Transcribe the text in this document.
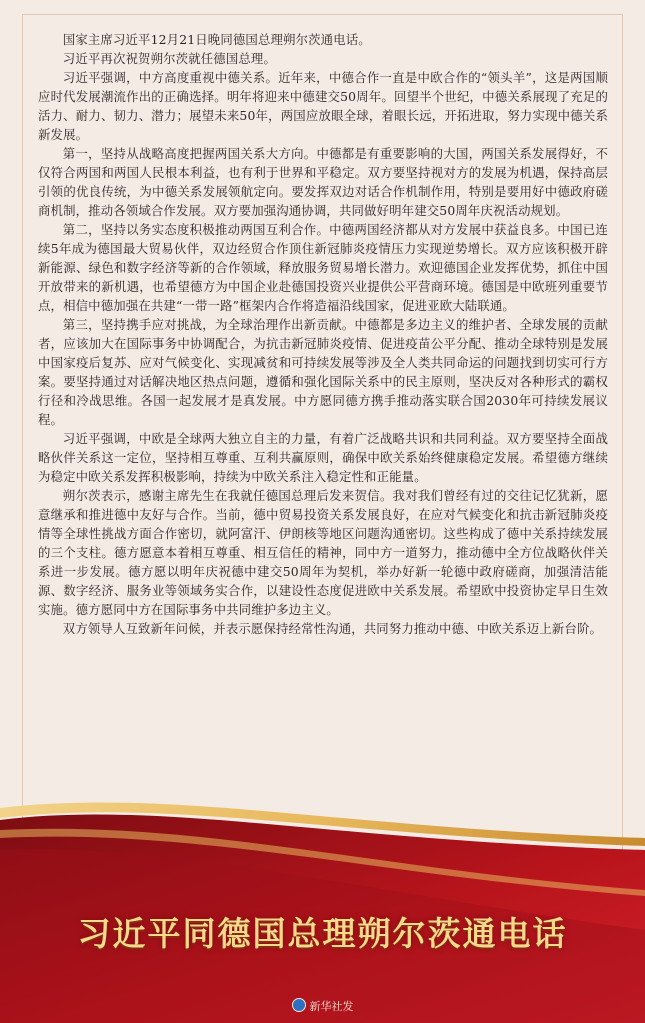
国家主席习近平12月21日晚同德国总理朔尔茨通电话。

习近平再次祝贺朔尔茨就任德国总理。

习近平强调，中方高度重视中德关系。近年来，中德合作一直是中欧合作的“领头羊”，这是两国顺应时代发展潮流作出的正确选择。明年将迎来中德建交50周年。回望半个世纪，中德关系展现了充足的活力、耐力、韧力、潜力；展望未来50年，两国应放眼全球，着眼长远，开拓进取，努力实现中德关系新发展。

第一，坚持从战略高度把握两国关系大方向。中德都是有重要影响的大国，两国关系发展得好，不仅符合两国和两国人民根本利益，也有利于世界和平稳定。双方要坚持视对方的发展为机遇，保持高层引领的优良传统，为中德关系发展领航定向。要发挥双边对话合作机制作用，特别是要用好中德政府磋商机制，推动各领域合作发展。双方要加强沟通协调，共同做好明年建交50周年庆祝活动规划。

第二，坚持以务实态度积极推动两国互利合作。中德两国经济都从对方发展中获益良多。中国已连续5年成为德国最大贸易伙伴，双边经贸合作顶住新冠肺炎疫情压力实现逆势增长。双方应该积极开辟新能源、绿色和数字经济等新的合作领域，释放服务贸易增长潜力。欢迎德国企业发挥优势，抓住中国开放带来的新机遇，也希望德方为中国企业赴德国投资兴业提供公平营商环境。德国是中欧班列重要节点，相信中德加强在共建“一带一路”框架内合作将造福沿线国家，促进亚欧大陆联通。

第三，坚持携手应对挑战，为全球治理作出新贡献。中德都是多边主义的维护者、全球发展的贡献者，应该加大在国际事务中协调配合，为抗击新冠肺炎疫情、促进疫苗公平分配、推动全球特别是发展中国家疫后复苏、应对气候变化、实现减贫和可持续发展等涉及全人类共同命运的问题找到切实可行方案。要坚持通过对话解决地区热点问题，遵循和强化国际关系中的民主原则，坚决反对各种形式的霸权行径和冷战思维。各国一起发展才是真发展。中方愿同德方携手推动落实联合国2030年可持续发展议程。

习近平强调，中欧是全球两大独立自主的力量，有着广泛战略共识和共同利益。双方要坚持全面战略伙伴关系这一定位，坚持相互尊重、互利共赢原则，确保中欧关系始终健康稳定发展。希望德方继续为稳定中欧关系发挥积极影响，持续为中欧关系注入稳定性和正能量。

朔尔茨表示，感谢主席先生在我就任德国总理后发来贺信。我对我们曾经有过的交往记忆犹新，愿意继承和推进德中友好与合作。当前，德中贸易投资关系发展良好，在应对气候变化和抗击新冠肺炎疫情等全球性挑战方面合作密切，就阿富汗、伊朗核等地区问题沟通密切。这些构成了德中关系持续发展的三个支柱。德方愿意本着相互尊重、相互信任的精神，同中方一道努力，推动德中全方位战略伙伴关系进一步发展。德方愿以明年庆祝德中建交50周年为契机，举办好新一轮德中政府磋商，加强清洁能源、数字经济、服务业等领域务实合作，以建设性态度促进欧中关系发展。希望欧中投资协定早日生效实施。德方愿同中方在国际事务中共同维护多边主义。

双方领导人互致新年问候，并表示愿保持经常性沟通，共同努力推动中德、中欧关系迈上新台阶。

习近平同德国总理朔尔茨通电话
新华社发
